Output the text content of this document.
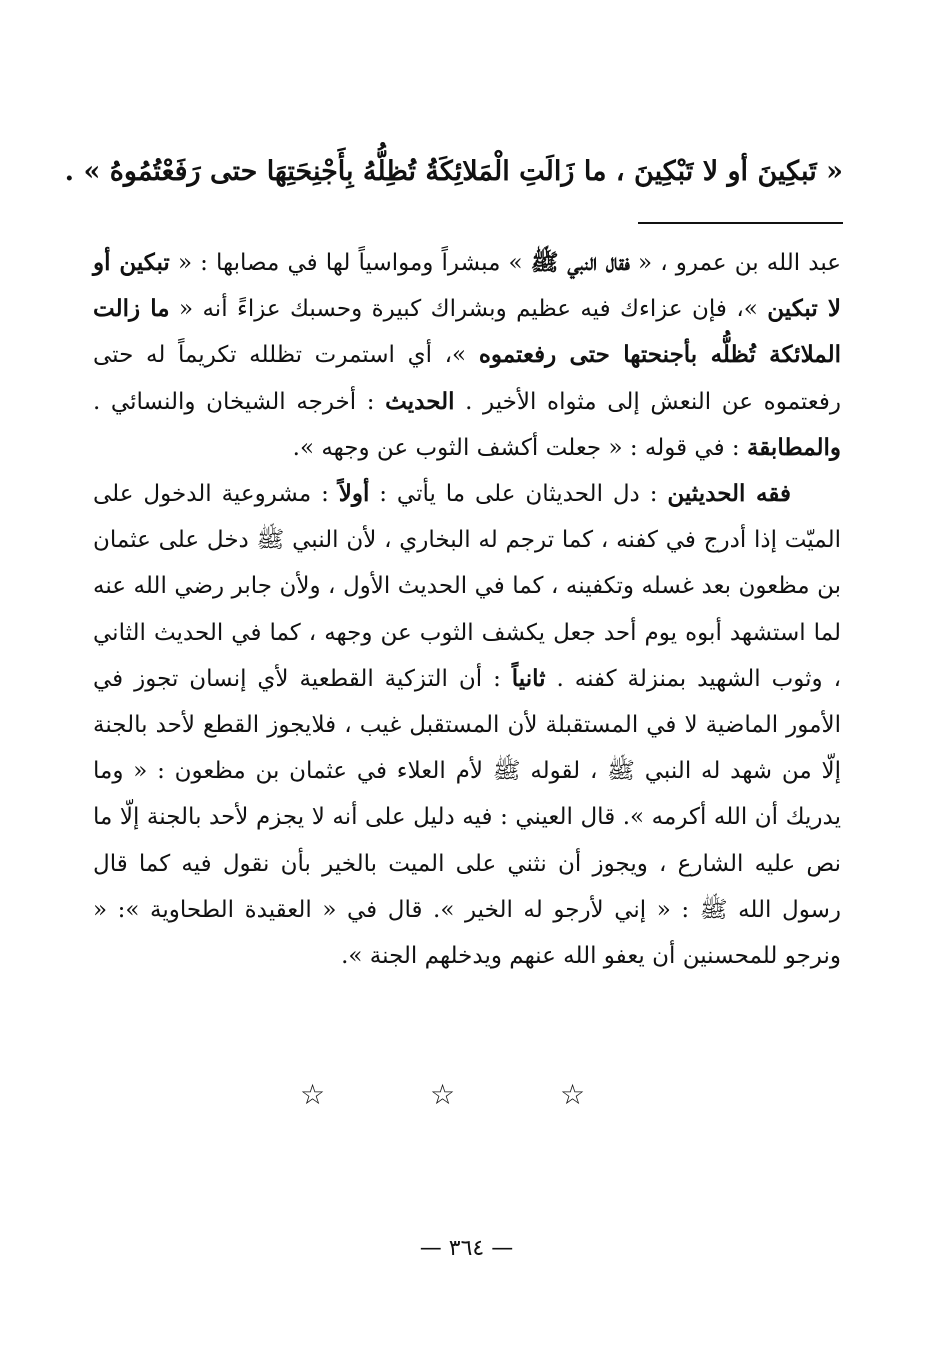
« تَبكِينَ أو لا تَبْكِينَ ، ما زَالَتِ الْمَلائِكَةُ تُظِلُّهُ بِأَجْنِحَتِهَا حتى رَفَعْتُمُوهُ » .

عبد الله بن عمرو ، « فقال النبي ﷺ » مبشراً ومواسياً لها في مصابها : « تبكين أو لا تبكين »، فإن عزاءك فيه عظيم وبشراك كبيرة وحسبك عزاءً أنه « ما زالت الملائكة تُظلُّه بأجنحتها حتى رفعتموه »، أي استمرت تظلله تكريماً له حتى رفعتموه عن النعش إلى مثواه الأخير . الحديث : أخرجه الشيخان والنسائي . والمطابقة : في قوله : « جعلت أكشف الثوب عن وجهه ».

فقه الحديثين : دل الحديثان على ما يأتي : أولاً : مشروعية الدخول على الميّت إذا أدرج في كفنه ، كما ترجم له البخاري ، لأن النبي ﷺ دخل على عثمان بن مظعون بعد غسله وتكفينه ، كما في الحديث الأول ، ولأن جابر رضي الله عنه لما استشهد أبوه يوم أحد جعل يكشف الثوب عن وجهه ، كما في الحديث الثاني ، وثوب الشهيد بمنزلة كفنه . ثانياً : أن التزكية القطعية لأي إنسان تجوز في الأمور الماضية لا في المستقبلة لأن المستقبل غيب ، فلايجوز القطع لأحد بالجنة إلّا من شهد له النبي ﷺ ، لقوله ﷺ لأم العلاء في عثمان بن مظعون : « وما يدريك أن الله أكرمه ». قال العيني : فيه دليل على أنه لا يجزم لأحد بالجنة إلّا ما نص عليه الشارع ، ويجوز أن نثني على الميت بالخير بأن نقول فيه كما قال رسول الله ﷺ : « إني لأرجو له الخير ». قال في « العقيدة الطحاوية »: « ونرجو للمحسنين أن يعفو الله عنهم ويدخلهم الجنة ».

☆ ☆ ☆
— ٣٦٤ —
